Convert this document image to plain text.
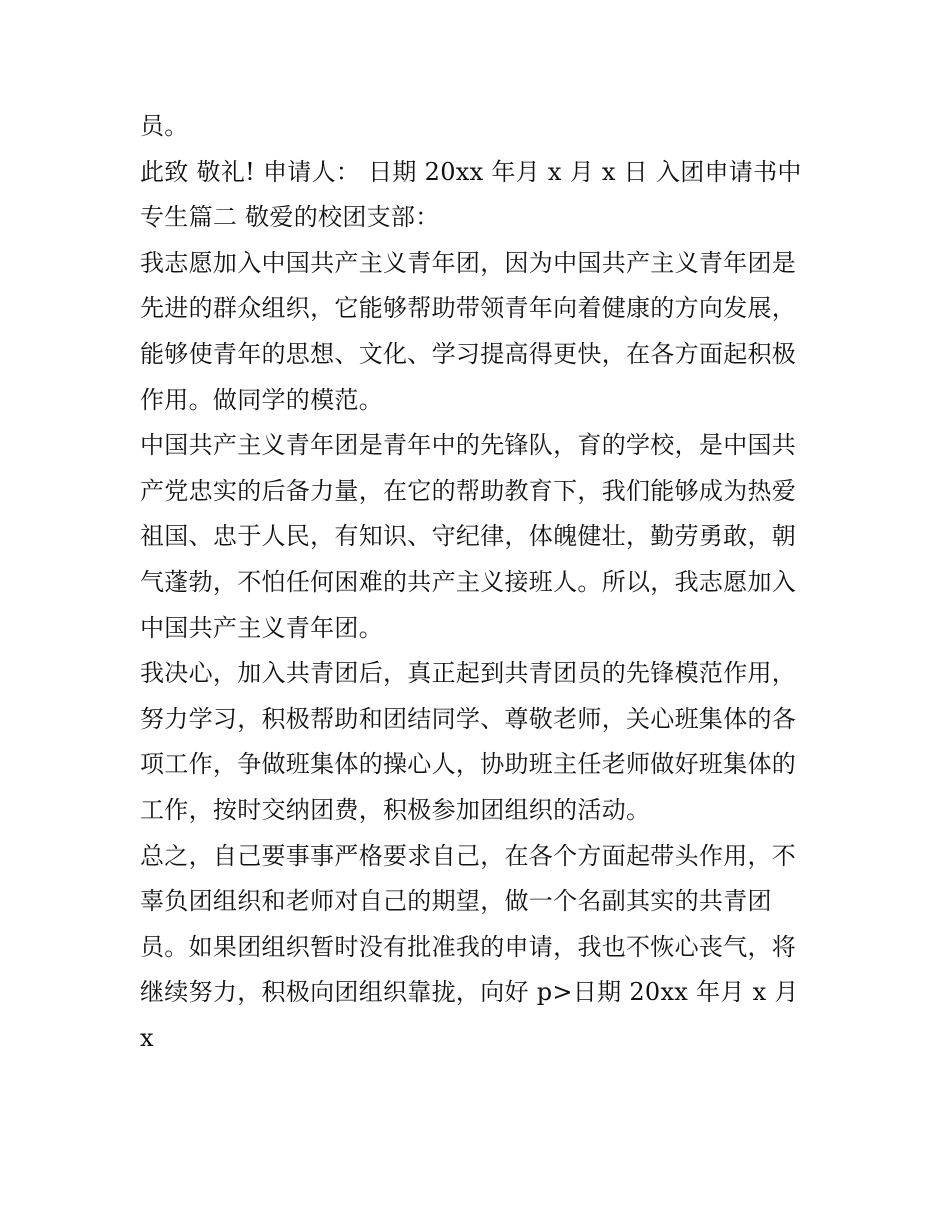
员。

此致 敬礼! 申请人： 日期 20xx 年月 x 月 x 日 入团申请书中专生篇二 敬爱的校团支部：

我志愿加入中国共产主义青年团，因为中国共产主义青年团是先进的群众组织，它能够帮助带领青年向着健康的方向发展，能够使青年的思想、文化、学习提高得更快，在各方面起积极作用。做同学的模范。

中国共产主义青年团是青年中的先锋队，育的学校，是中国共产党忠实的后备力量，在它的帮助教育下，我们能够成为热爱祖国、忠于人民，有知识、守纪律，体魄健壮，勤劳勇敢，朝气蓬勃，不怕任何困难的共产主义接班人。所以，我志愿加入中国共产主义青年团。

我决心，加入共青团后，真正起到共青团员的先锋模范作用，努力学习，积极帮助和团结同学、尊敬老师，关心班集体的各项工作，争做班集体的操心人，协助班主任老师做好班集体的工作，按时交纳团费，积极参加团组织的活动。

总之，自己要事事严格要求自己，在各个方面起带头作用，不辜负团组织和老师对自己的期望，做一个名副其实的共青团员。如果团组织暂时没有批准我的申请，我也不恢心丧气，将继续努力，积极向团组织靠拢，向好 p>日期 20xx 年月 x 月 x
